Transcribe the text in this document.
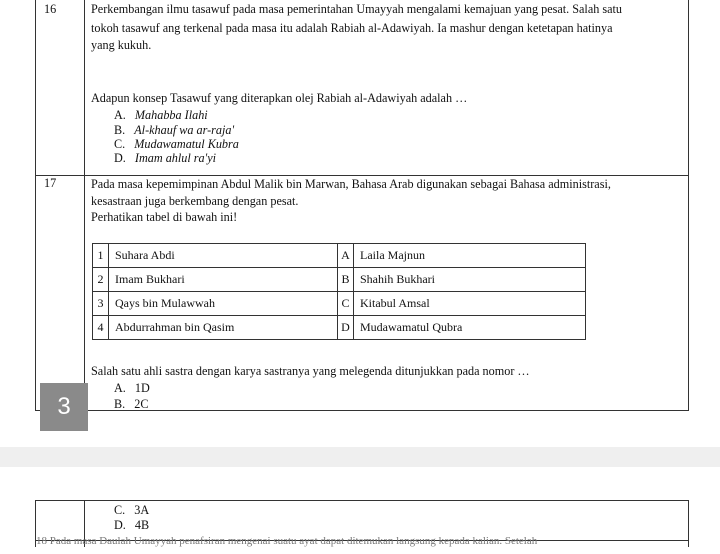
16	Perkembangan ilmu tasawuf pada masa pemerintahan Umayyah mengalami kemajuan yang pesat. Salah satu
tokoh tasawuf ang terkenal pada masa itu adalah Rabiah al-Adawiyah. Ia mashur dengan ketetapan hatinya
yang kukuh.
Adapun konsep Tasawuf yang diterapkan olej Rabiah al-Adawiyah adalah …
A. Mahabba Ilahi
B. Al-khauf wa ar-raja'
C. Mudawamatul Kubra
D. Imam ahlul ra'yi
17	Pada masa kepemimpinan Abdul Malik bin Marwan, Bahasa Arab digunakan sebagai Bahasa administrasi,
kesastraan juga berkembang dengan pesat.
Perhatikan tabel di bawah ini!
1	Suhara Abdi	A	Laila Majnun
2	Imam Bukhari	B	Shahih Bukhari
3	Qays bin Mulawwah	C	Kitabul Amsal
4	Abdurrahman bin Qasim	D	Mudawamatul Qubra
Salah satu ahli sastra dengan karya sastranya yang melegenda ditunjukkan pada nomor …
A. 1D
B. 2C
3
C. 3A
D. 4B
18 Pada masa Daulah Umayyah penafsiran mengenai suatu ayat dapat ditemukan langsung kepada kalian. Setelah
